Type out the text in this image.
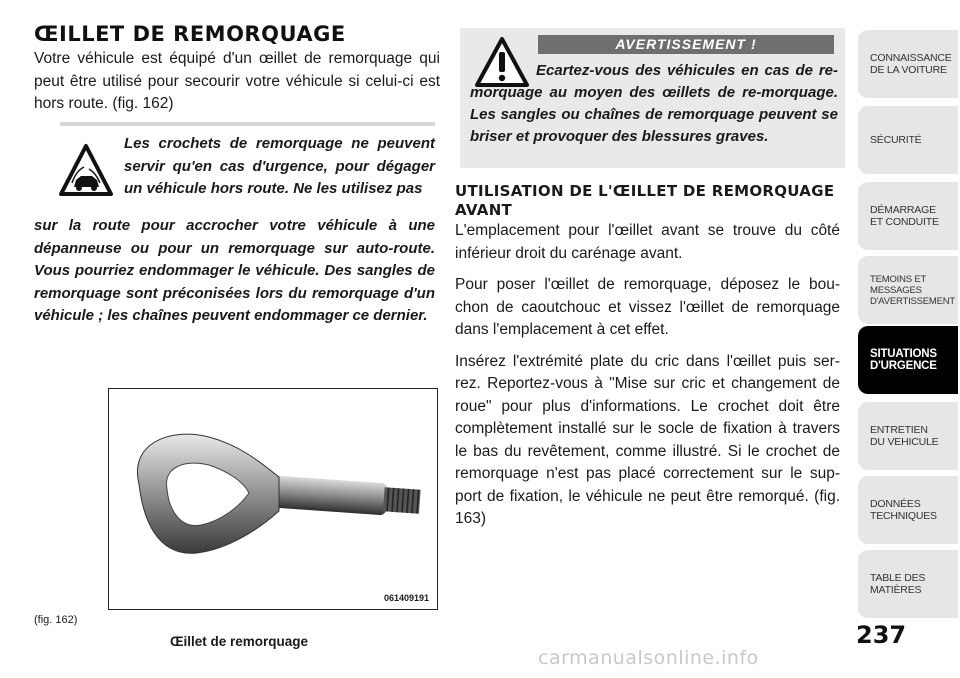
ŒILLET DE REMORQUAGE

Votre véhicule est équipé d'un œillet de remorquage qui peut être utilisé pour secourir votre véhicule si celui-ci est hors route. (fig. 162)

Les crochets de remorquage ne peuvent servir qu'en cas d'urgence, pour dégager un véhicule hors route. Ne les utilisez pas

sur la route pour accrocher votre véhicule à une dépanneuse ou pour un remorquage sur auto-route. Vous pourriez endommager le véhicule. Des sangles de remorquage sont préconisées lors du remorquage d'un véhicule ; les chaînes peuvent endommager ce dernier.

061409191
(fig. 162)
Œillet de remorquage
AVERTISSEMENT !

Ecartez-vous des véhicules en cas de re-morquage au moyen des œillets de re-morquage. Les sangles ou chaînes de remorquage peuvent se briser et provoquer des blessures graves.

UTILISATION DE L'ŒILLET DE REMORQUAGE AVANT

L'emplacement pour l'œillet avant se trouve du côté inférieur droit du carénage avant.

Pour poser l'œillet de remorquage, déposez le bou-chon de caoutchouc et vissez l'œillet de remorquage dans l'emplacement à cet effet.

Insérez l'extrémité plate du cric dans l'œillet puis ser-rez. Reportez-vous à "Mise sur cric et changement de roue" pour plus d'informations. Le crochet doit être complètement installé sur le socle de fixation à travers le bas du revêtement, comme illustré. Si le crochet de remorquage n'est pas placé correctement sur le sup-port de fixation, le véhicule ne peut être remorqué. (fig. 163)

CONNAISSANCE
DE LA VOITURE
SÉCURITÉ
DÉMARRAGE
ET CONDUITE
TEMOINS ET
MESSAGES
D'AVERTISSEMENT
SITUATIONS
D'URGENCE
ENTRETIEN
DU VEHICULE
DONNÉES
TECHNIQUES
TABLE DES
MATIÈRES
237
carmanualsonline.info
